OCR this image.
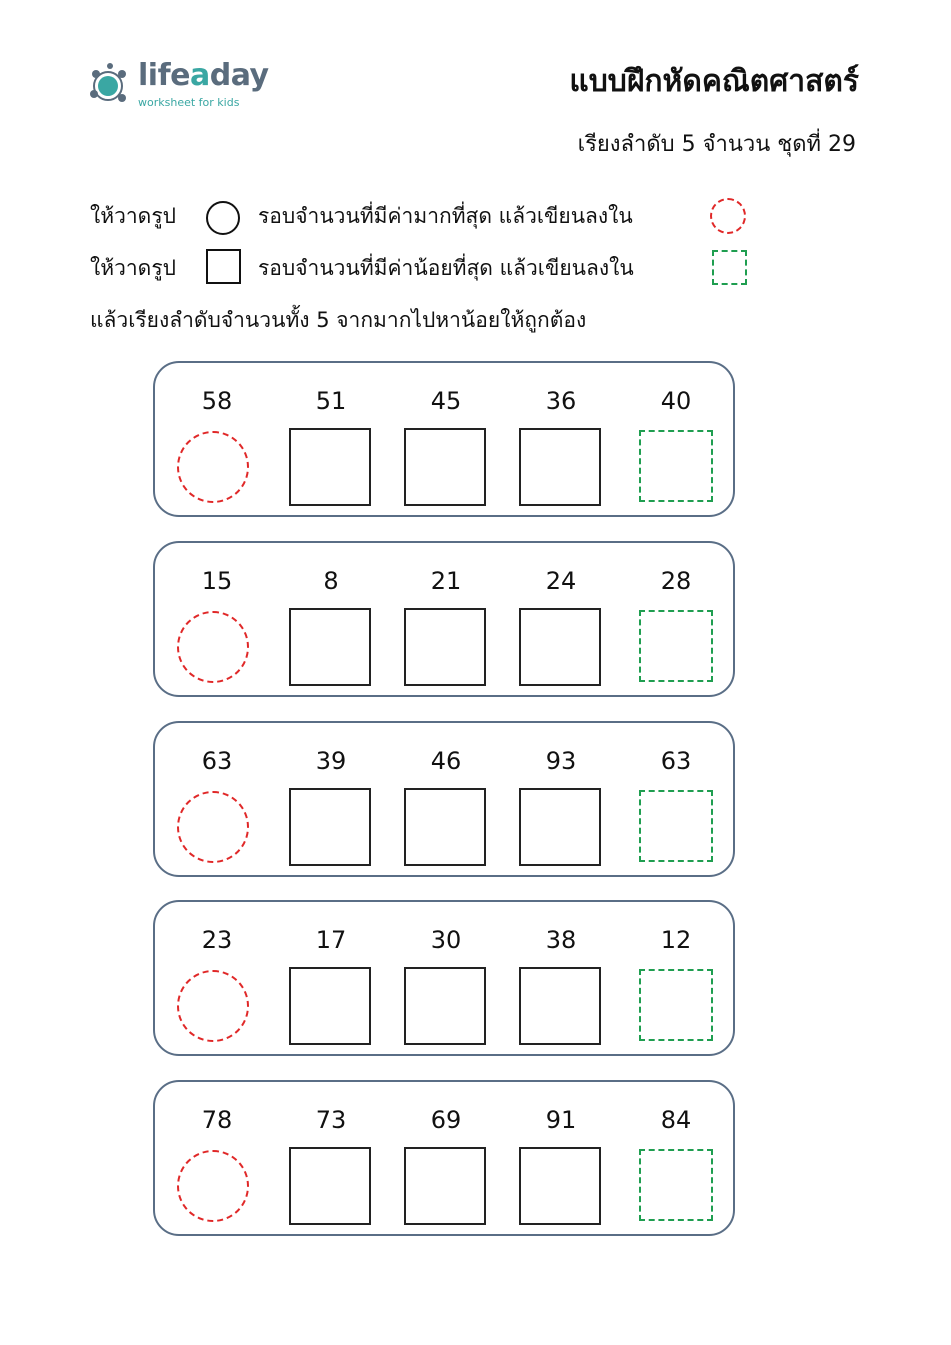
lifeaday
worksheet for kids
แบบฝึกหัดคณิตศาสตร์
เรียงลำดับ 5 จำนวน ชุดที่ 29
ให้วาดรูป	รอบจำนวนที่มีค่ามากที่สุด แล้วเขียนลงใน
ให้วาดรูป	รอบจำนวนที่มีค่าน้อยที่สุด แล้วเขียนลงใน
แล้วเรียงลำดับจำนวนทั้ง 5 จากมากไปหาน้อยให้ถูกต้อง
58	51	45	36	40
15	8	21	24	28
63	39	46	93	63
23	17	30	38	12
78	73	69	91	84
